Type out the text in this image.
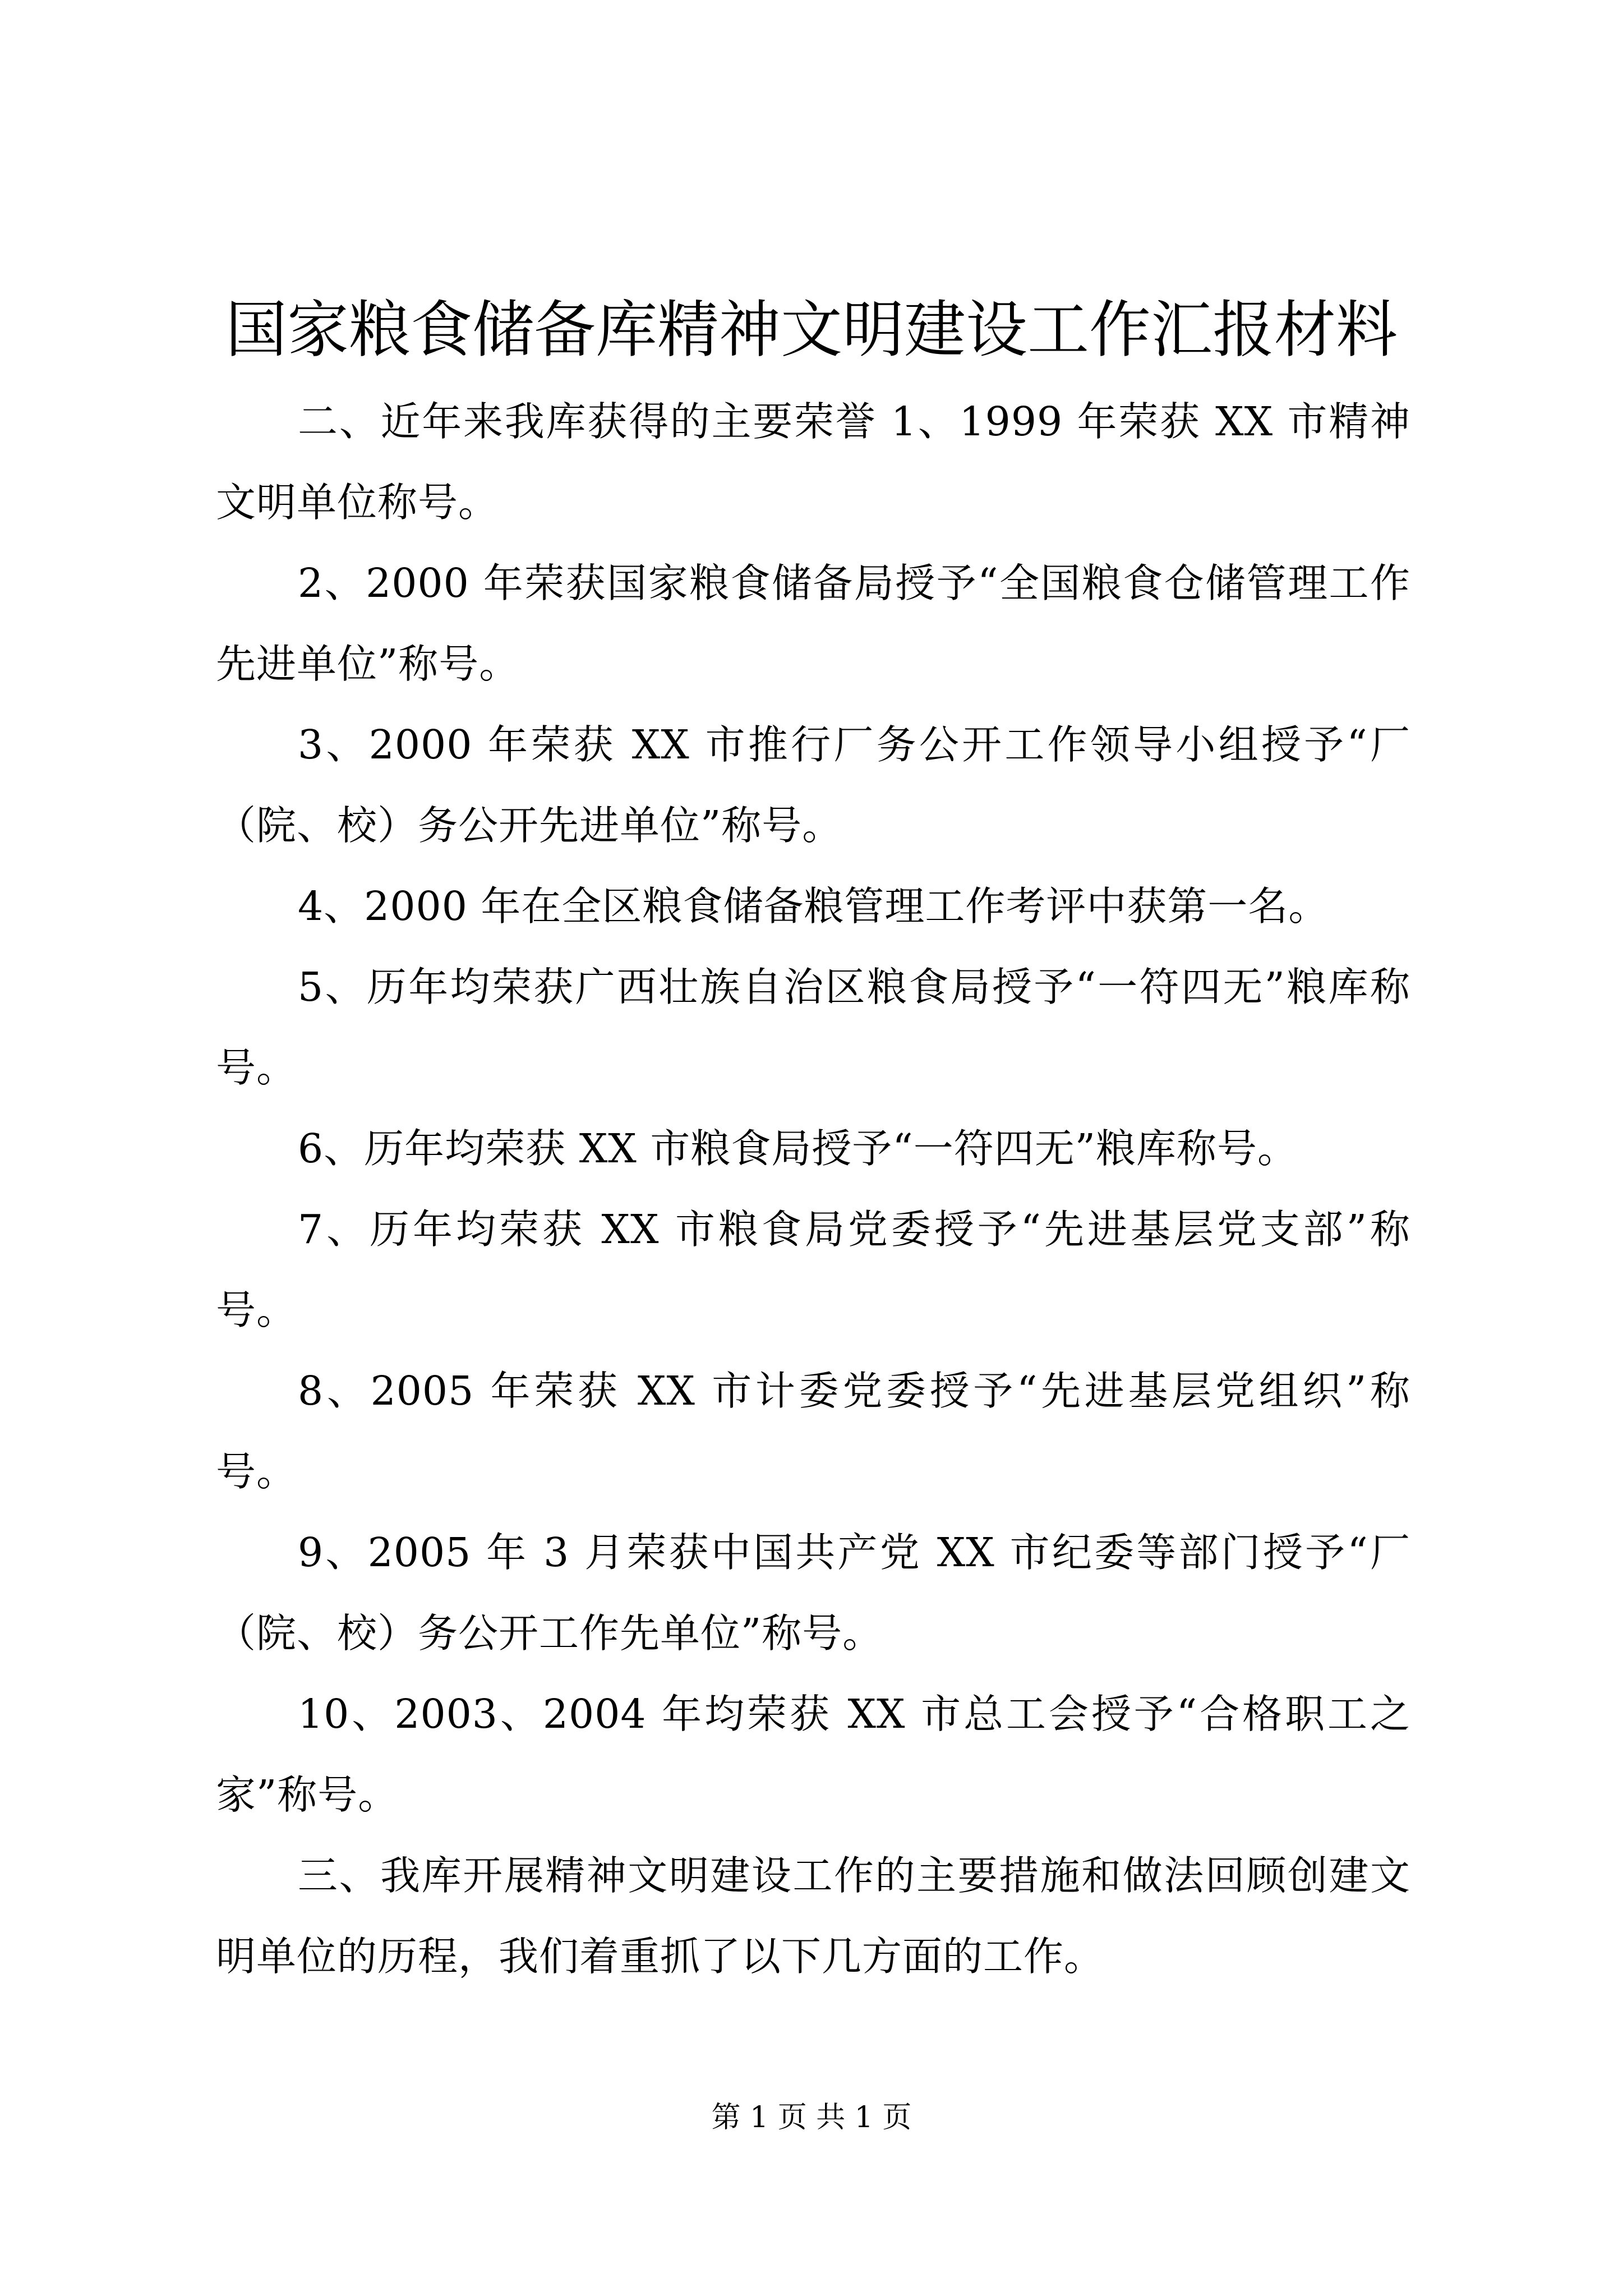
国家粮食储备库精神文明建设工作汇报材料

二、近年来我库获得的主要荣誉 1、1999 年荣获 XX 市精神文明单位称号。

2、2000 年荣获国家粮食储备局授予“全国粮食仓储管理工作先进单位”称号。

3、2000 年荣获 XX 市推行厂务公开工作领导小组授予“厂（院、校）务公开先进单位”称号。

4、2000 年在全区粮食储备粮管理工作考评中获第一名。

5、历年均荣获广西壮族自治区粮食局授予“一符四无”粮库称号。

6、历年均荣获 XX 市粮食局授予“一符四无”粮库称号。

7、历年均荣获 XX 市粮食局党委授予“先进基层党支部”称号。

8、2005 年荣获 XX 市计委党委授予“先进基层党组织”称号。

9、2005 年 3 月荣获中国共产党 XX 市纪委等部门授予“厂（院、校）务公开工作先单位”称号。

10、2003、2004 年均荣获 XX 市总工会授予“合格职工之家”称号。

三、我库开展精神文明建设工作的主要措施和做法回顾创建文明单位的历程，我们着重抓了以下几方面的工作。

第 1 页 共 1 页
